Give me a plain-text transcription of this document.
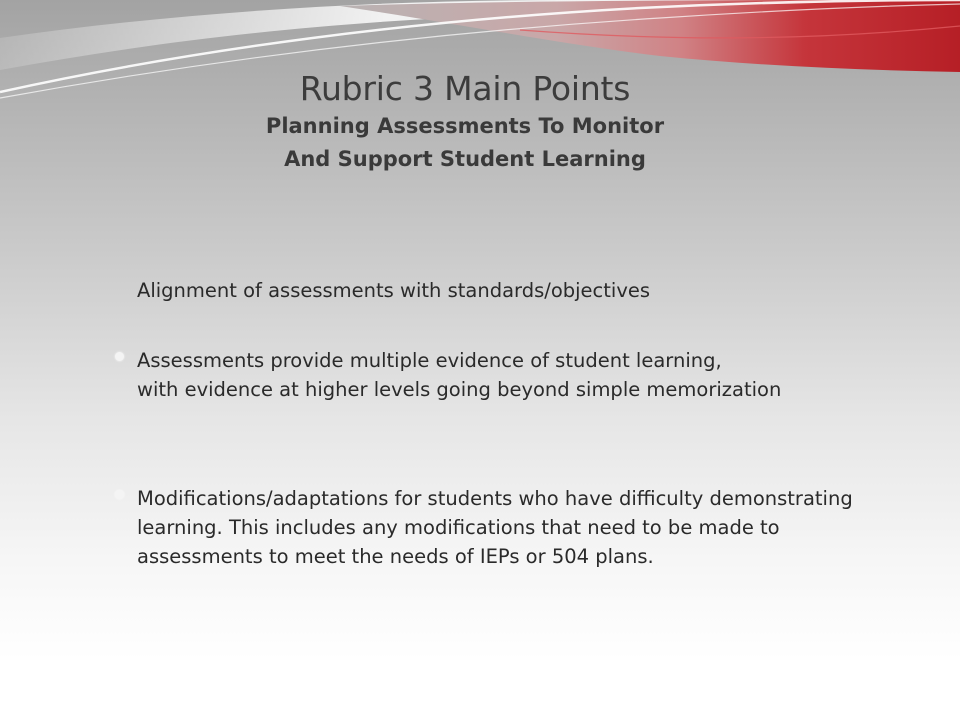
Rubric 3 Main Points
Planning Assessments To Monitor
And Support Student Learning
Alignment of assessments with standards/objectives
Assessments provide multiple evidence of student learning,
with evidence at higher levels going beyond simple memorization
Modifications/adaptations for students who have difficulty demonstrating learning. This includes any modifications that need to be made to assessments to meet the needs of IEPs or 504 plans.
